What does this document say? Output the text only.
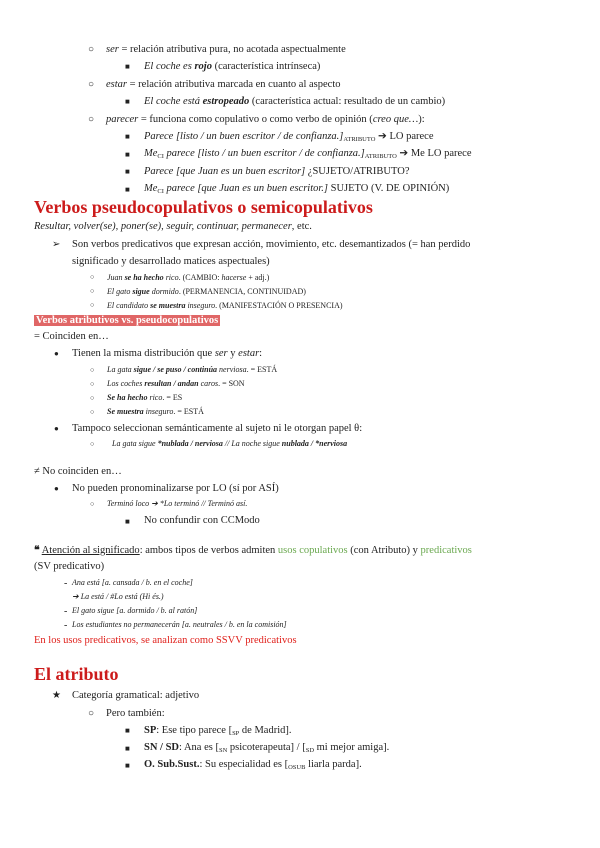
○ ser = relación atributiva pura, no acotada aspectualmente
■ El coche es rojo (característica intrínseca)
○ estar = relación atributiva marcada en cuanto al aspecto
■ El coche está estropeado (característica actual: resultado de un cambio)
○ parecer = funciona como copulativo o como verbo de opinión (creo que…):
■ Parece [listo / un buen escritor / de $confianza.]_{ATRIBUTO}$ ➔ LO parece
■ $Me_{CI}$ parece [listo / un buen escritor / de $confianza.]_{ATRIBUTO}$ ➔ Me LO parece
■ Parece [que Juan es un buen escritor] ¿SUJETO/ATRIBUTO?
■ $Me_{CI}$ parece [que Juan es un buen escritor.] SUJETO (V. DE OPINIÓN)
Verbos pseudocopulativos o semicopulativos
Resultar, volver(se), poner(se), seguir, continuar, permanecer, etc.
➢ Son verbos predicativos que expresan acción, movimiento, etc. desemantizados (= han perdido
significado y desarrollado matices aspectuales)
○ Juan se ha hecho rico. (CAMBIO: hacerse + adj.)
○ El gato sigue dormido. (PERMANENCIA, CONTINUIDAD)
○ El candidato se muestra inseguro. (MANIFESTACIÓN O PRESENCIA)
Verbos atributivos vs. pseudocopulativos
= Coinciden en…
● Tienen la misma distribución que ser y estar:
○ La gata sigue / se puso / continúa nerviosa. = ESTÁ
○ Los coches resultan / andan caros. = SON
○ Se ha hecho rico. = ES
○ Se muestra inseguro. = ESTÁ
● Tampoco seleccionan semánticamente al sujeto ni le otorgan papel θ:
○ La gata sigue *nublada / nerviosa // La noche sigue nublada / *nerviosa
≠ No coinciden en…
● No pueden pronominalizarse por LO (sí por ASÍ)
○ Terminó loco ➔ *Lo terminó // Terminó así.
■ No confundir con CCModo
❝ Atención al significado: ambos tipos de verbos admiten usos copulativos (con Atributo) y predicativos
(SV predicativo)
- Ana está [a. cansada / b. en el coche]
➔ La está / #Lo está (Hi és.)
- El gato sigue [a. dormido / b. al ratón]
- Los estudiantes no permanecerán [a. neutrales / b. en la comisión]
En los usos predicativos, se analizan como SSVV predicativos
El atributo
★ Categoría gramatical: adjetivo
○ Pero también:
■ SP: Ese tipo parece [$_{SP}$ de Madrid].
■ SN / SD: Ana es [$_{SN}$ psicoterapeuta] / [$_{SD}$ mi mejor amiga].
■ O. Sub.Sust.: Su especialidad es [$_{OSUB}$ liarla parda].
